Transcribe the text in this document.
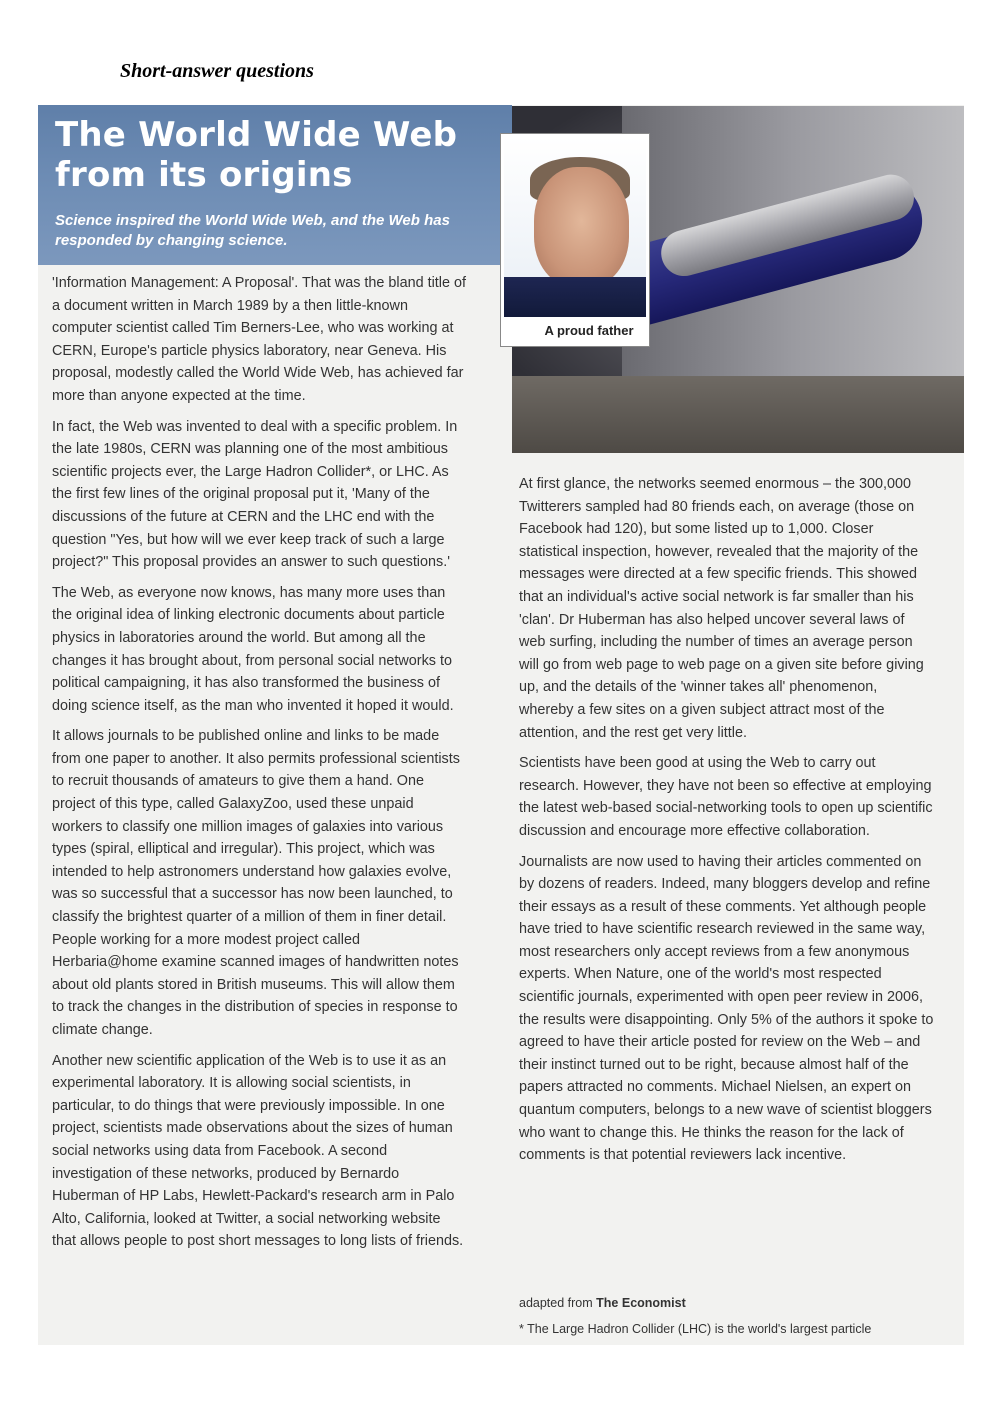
Short-answer questions
The World Wide Web from its origins
Science inspired the World Wide Web, and the Web has responded by changing science.
A proud father

'Information Management: A Proposal'. That was the bland title of a document written in March 1989 by a then little-known computer scientist called Tim Berners-Lee, who was working at CERN, Europe's particle physics laboratory, near Geneva. His proposal, modestly called the World Wide Web, has achieved far more than anyone expected at the time.

In fact, the Web was invented to deal with a specific problem. In the late 1980s, CERN was planning one of the most ambitious scientific projects ever, the Large Hadron Collider*, or LHC. As the first few lines of the original proposal put it, 'Many of the discussions of the future at CERN and the LHC end with the question "Yes, but how will we ever keep track of such a large project?" This proposal provides an answer to such questions.'

The Web, as everyone now knows, has many more uses than the original idea of linking electronic documents about particle physics in laboratories around the world. But among all the changes it has brought about, from personal social networks to political campaigning, it has also transformed the business of doing science itself, as the man who invented it hoped it would.

It allows journals to be published online and links to be made from one paper to another. It also permits professional scientists to recruit thousands of amateurs to give them a hand. One project of this type, called GalaxyZoo, used these unpaid workers to classify one million images of galaxies into various types (spiral, elliptical and irregular). This project, which was intended to help astronomers understand how galaxies evolve, was so successful that a successor has now been launched, to classify the brightest quarter of a million of them in finer detail. People working for a more modest project called Herbaria@home examine scanned images of handwritten notes about old plants stored in British museums. This will allow them to track the changes in the distribution of species in response to climate change.

Another new scientific application of the Web is to use it as an experimental laboratory. It is allowing social scientists, in particular, to do things that were previously impossible. In one project, scientists made observations about the sizes of human social networks using data from Facebook. A second investigation of these networks, produced by Bernardo Huberman of HP Labs, Hewlett-Packard's research arm in Palo Alto, California, looked at Twitter, a social networking website that allows people to post short messages to long lists of friends.

At first glance, the networks seemed enormous – the 300,000 Twitterers sampled had 80 friends each, on average (those on Facebook had 120), but some listed up to 1,000. Closer statistical inspection, however, revealed that the majority of the messages were directed at a few specific friends. This showed that an individual's active social network is far smaller than his 'clan'. Dr Huberman has also helped uncover several laws of web surfing, including the number of times an average person will go from web page to web page on a given site before giving up, and the details of the 'winner takes all' phenomenon, whereby a few sites on a given subject attract most of the attention, and the rest get very little.

Scientists have been good at using the Web to carry out research. However, they have not been so effective at employing the latest web-based social-networking tools to open up scientific discussion and encourage more effective collaboration.

Journalists are now used to having their articles commented on by dozens of readers. Indeed, many bloggers develop and refine their essays as a result of these comments. Yet although people have tried to have scientific research reviewed in the same way, most researchers only accept reviews from a few anonymous experts. When Nature, one of the world's most respected scientific journals, experimented with open peer review in 2006, the results were disappointing. Only 5% of the authors it spoke to agreed to have their article posted for review on the Web – and their instinct turned out to be right, because almost half of the papers attracted no comments. Michael Nielsen, an expert on quantum computers, belongs to a new wave of scientist bloggers who want to change this. He thinks the reason for the lack of comments is that potential reviewers lack incentive.

adapted from The Economist
* The Large Hadron Collider (LHC) is the world's largest particle
